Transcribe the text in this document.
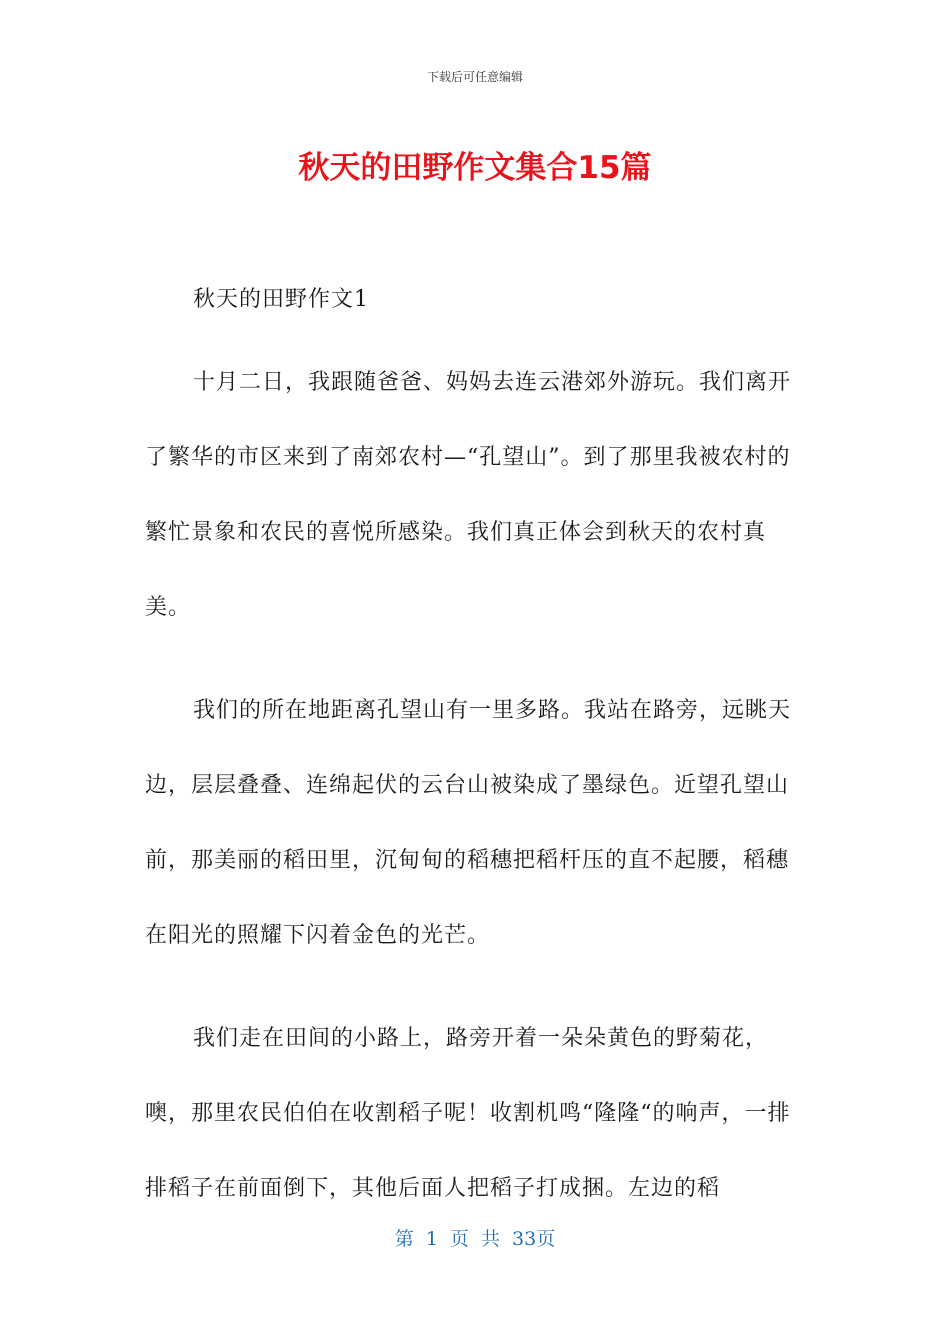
下载后可任意编辑
秋天的田野作文集合15篇

秋天的田野作文1

十月二日，我跟随爸爸、妈妈去连云港郊外游玩。我们离开了繁华的市区来到了南郊农村—“孔望山”。到了那里我被农村的繁忙景象和农民的喜悦所感染。我们真正体会到秋天的农村真美。

我们的所在地距离孔望山有一里多路。我站在路旁，远眺天边，层层叠叠、连绵起伏的云台山被染成了墨绿色。近望孔望山前，那美丽的稻田里，沉甸甸的稻穗把稻杆压的直不起腰，稻穗在阳光的照耀下闪着金色的光芒。

我们走在田间的小路上，路旁开着一朵朵黄色的野菊花，噢，那里农民伯伯在收割稻子呢！收割机鸣“隆隆“的响声，一排排稻子在前面倒下，其他后面人把稻子打成捆。左边的稻

第 1 页 共 33页
